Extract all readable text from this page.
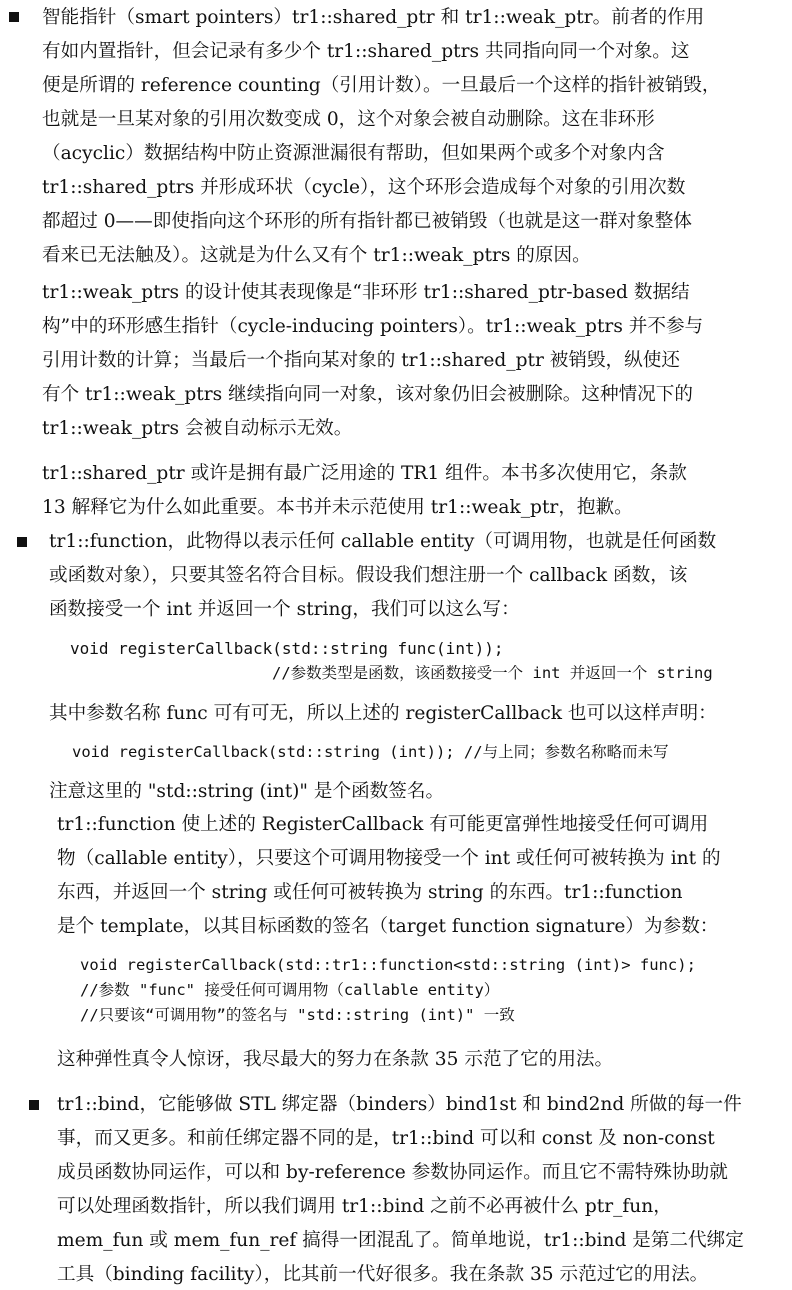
智能指针（smart pointers）tr1::shared_ptr 和 tr1::weak_ptr。前者的作用
有如内置指针，但会记录有多少个 tr1::shared_ptrs 共同指向同一个对象。这
便是所谓的 reference counting（引用计数）。一旦最后一个这样的指针被销毁，
也就是一旦某对象的引用次数变成 0，这个对象会被自动删除。这在非环形
（acyclic）数据结构中防止资源泄漏很有帮助，但如果两个或多个对象内含
tr1::shared_ptrs 并形成环状（cycle），这个环形会造成每个对象的引用次数
都超过 0——即使指向这个环形的所有指针都已被销毁（也就是这一群对象整体
看来已无法触及）。这就是为什么又有个 tr1::weak_ptrs 的原因。
tr1::weak_ptrs 的设计使其表现像是“非环形 tr1::shared_ptr-based 数据结
构”中的环形感生指针（cycle-inducing pointers）。tr1::weak_ptrs 并不参与
引用计数的计算；当最后一个指向某对象的 tr1::shared_ptr 被销毁，纵使还
有个 tr1::weak_ptrs 继续指向同一对象，该对象仍旧会被删除。这种情况下的
tr1::weak_ptrs 会被自动标示无效。
tr1::shared_ptr 或许是拥有最广泛用途的 TR1 组件。本书多次使用它，条款
13 解释它为什么如此重要。本书并未示范使用 tr1::weak_ptr，抱歉。
tr1::function，此物得以表示任何 callable entity（可调用物，也就是任何函数
或函数对象），只要其签名符合目标。假设我们想注册一个 callback 函数，该
函数接受一个 int 并返回一个 string，我们可以这么写：
void registerCallback(std::string func(int));
//参数类型是函数，该函数接受一个 int 并返回一个 string
其中参数名称 func 可有可无，所以上述的 registerCallback 也可以这样声明：
void registerCallback(std::string (int)); //与上同；参数名称略而未写
注意这里的 "std::string (int)" 是个函数签名。
tr1::function 使上述的 RegisterCallback 有可能更富弹性地接受任何可调用
物（callable entity），只要这个可调用物接受一个 int 或任何可被转换为 int 的
东西，并返回一个 string 或任何可被转换为 string 的东西。tr1::function
是个 template，以其目标函数的签名（target function signature）为参数：
void registerCallback(std::tr1::function<std::string (int)> func);
//参数 "func" 接受任何可调用物（callable entity）
//只要该“可调用物”的签名与 "std::string (int)" 一致
这种弹性真令人惊讶，我尽最大的努力在条款 35 示范了它的用法。
tr1::bind，它能够做 STL 绑定器（binders）bind1st 和 bind2nd 所做的每一件
事，而又更多。和前任绑定器不同的是，tr1::bind 可以和 const 及 non-const
成员函数协同运作，可以和 by-reference 参数协同运作。而且它不需特殊协助就
可以处理函数指针，所以我们调用 tr1::bind 之前不必再被什么 ptr_fun，
mem_fun 或 mem_fun_ref 搞得一团混乱了。简单地说，tr1::bind 是第二代绑定
工具（binding facility），比其前一代好很多。我在条款 35 示范过它的用法。
